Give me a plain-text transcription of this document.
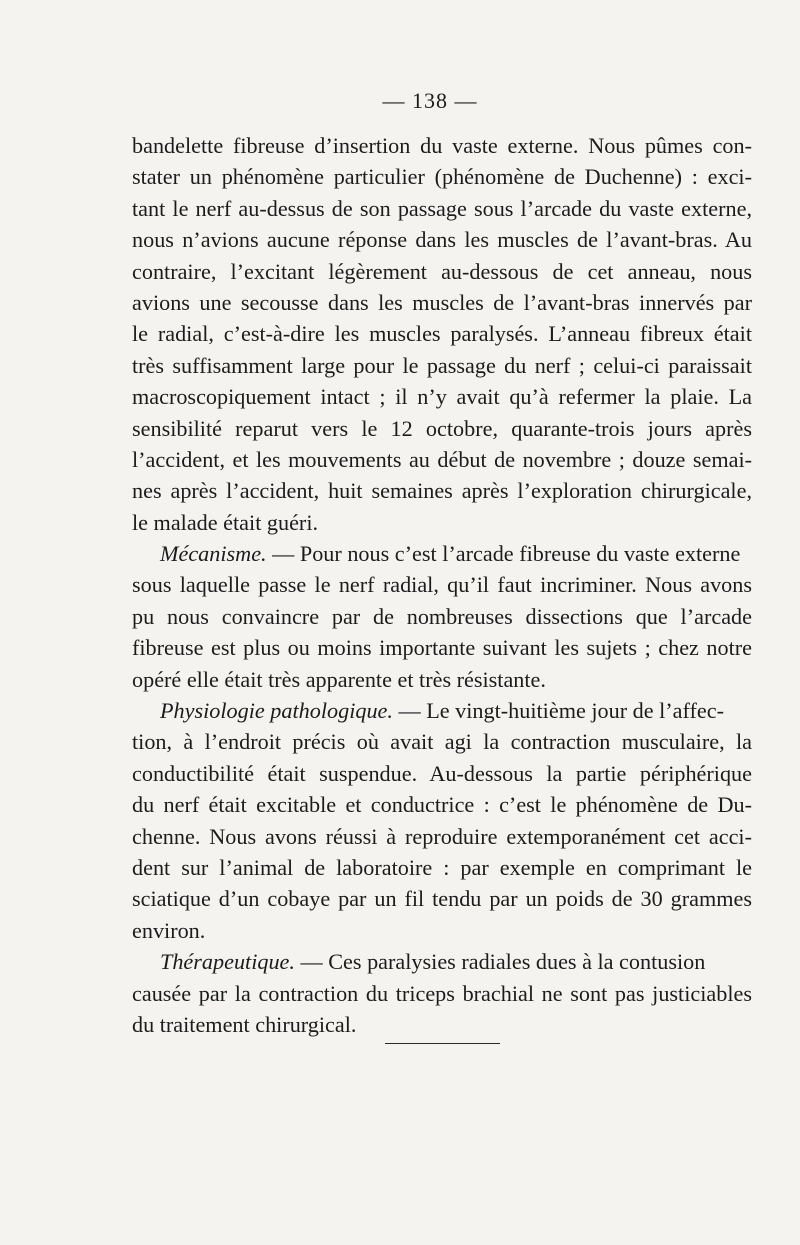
— 138 —
bandelette fibreuse d’insertion du vaste externe. Nous pûmes con-
stater un phénomène particulier (phénomène de Duchenne) : exci-
tant le nerf au-dessus de son passage sous l’arcade du vaste externe,
nous n’avions aucune réponse dans les muscles de l’avant-bras. Au
contraire, l’excitant légèrement au-dessous de cet anneau, nous
avions une secousse dans les muscles de l’avant-bras innervés par
le radial, c’est-à-dire les muscles paralysés. L’anneau fibreux était
très suffisamment large pour le passage du nerf ; celui-ci paraissait
macroscopiquement intact ; il n’y avait qu’à refermer la plaie. La
sensibilité reparut vers le 12 octobre, quarante-trois jours après
l’accident, et les mouvements au début de novembre ; douze semai-
nes après l’accident, huit semaines après l’exploration chirurgicale,
le malade était guéri.
Mécanisme. — Pour nous c’est l’arcade fibreuse du vaste externe
sous laquelle passe le nerf radial, qu’il faut incriminer. Nous avons
pu nous convaincre par de nombreuses dissections que l’arcade
fibreuse est plus ou moins importante suivant les sujets ; chez notre
opéré elle était très apparente et très résistante.
Physiologie pathologique. — Le vingt-huitième jour de l’affec-
tion, à l’endroit précis où avait agi la contraction musculaire, la
conductibilité était suspendue. Au-dessous la partie périphérique
du nerf était excitable et conductrice : c’est le phénomène de Du-
chenne. Nous avons réussi à reproduire extemporanément cet acci-
dent sur l’animal de laboratoire : par exemple en comprimant le
sciatique d’un cobaye par un fil tendu par un poids de 30 grammes
environ.
Thérapeutique. — Ces paralysies radiales dues à la contusion
causée par la contraction du triceps brachial ne sont pas justiciables
du traitement chirurgical.
